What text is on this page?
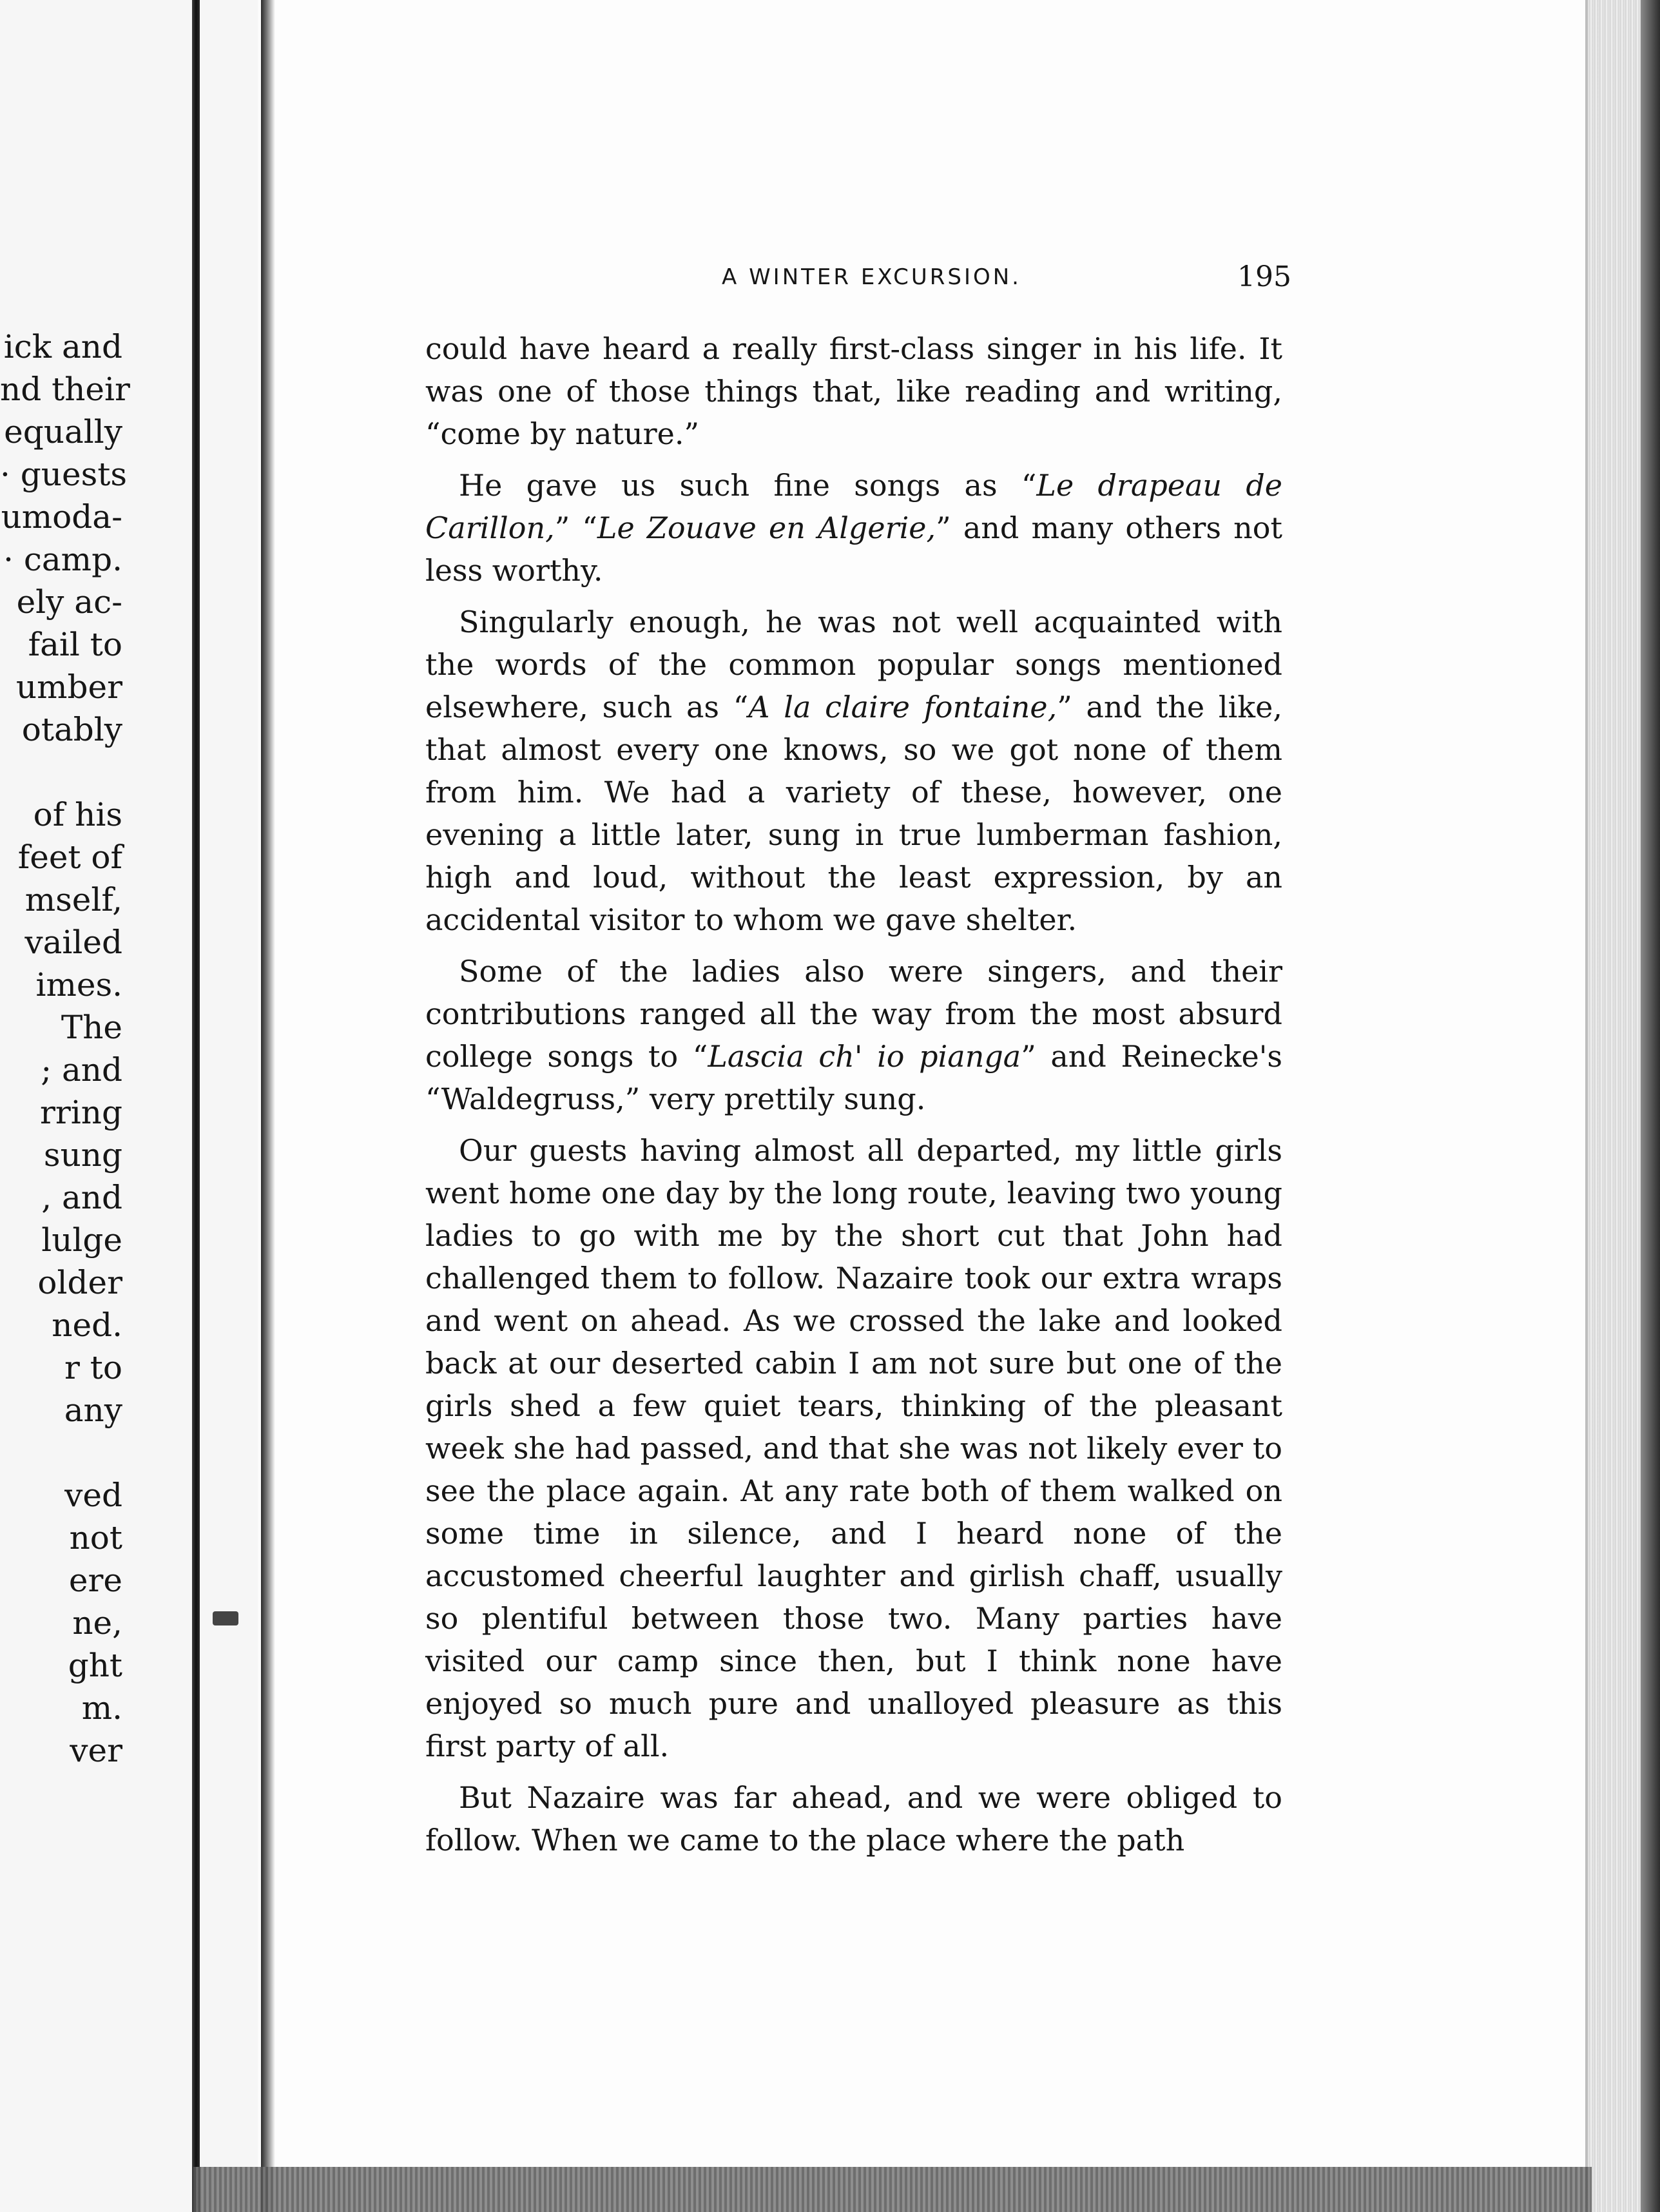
ick and
nd their
equally
· guests
umoda-
· camp.
ely ac-
fail to
umber
otably
of his
feet of
mself,
vailed
imes.
The
; and
rring
sung
, and
lulge
older
ned.
r to
any
ved
not
ere
ne,
ght
m.
ver
A WINTER EXCURSION.	195

could have heard a really first-class singer in his life. It was one of those things that, like reading and writing, “come by nature.”

He gave us such fine songs as “Le drapeau de Carillon,” “Le Zouave en Algerie,” and many others not less worthy.

Singularly enough, he was not well acquainted with the words of the common popular songs mentioned elsewhere, such as “A la claire fontaine,” and the like, that almost every one knows, so we got none of them from him. We had a variety of these, however, one evening a little later, sung in true lumberman fashion, high and loud, without the least expression, by an accidental visitor to whom we gave shelter.

Some of the ladies also were singers, and their contributions ranged all the way from the most absurd college songs to “Lascia ch' io pianga” and Reinecke's “Waldegruss,” very prettily sung.

Our guests having almost all departed, my little girls went home one day by the long route, leaving two young ladies to go with me by the short cut that John had challenged them to follow. Nazaire took our extra wraps and went on ahead. As we crossed the lake and looked back at our deserted cabin I am not sure but one of the girls shed a few quiet tears, thinking of the pleasant week she had passed, and that she was not likely ever to see the place again. At any rate both of them walked on some time in silence, and I heard none of the accustomed cheerful laughter and girlish chaff, usually so plentiful between those two. Many parties have visited our camp since then, but I think none have enjoyed so much pure and unalloyed pleasure as this first party of all.

But Nazaire was far ahead, and we were obliged to follow. When we came to the place where the path
